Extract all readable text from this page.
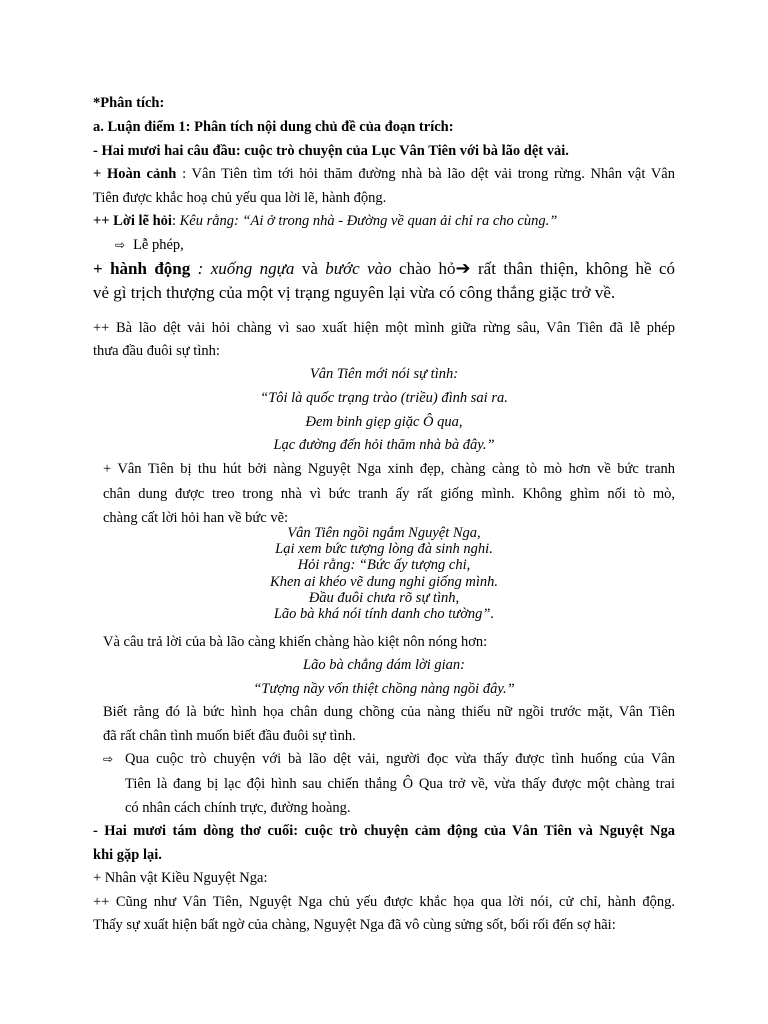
*Phân tích:
a. Luận điểm 1: Phân tích nội dung chủ đề của đoạn trích:
- Hai mươi hai câu đầu: cuộc trò chuyện của Lục Vân Tiên với bà lão dệt vải.
+ Hoàn cảnh : Vân Tiên tìm tới hỏi thăm đường nhà bà lão dệt vải trong rừng. Nhân vật Vân
Tiên được khắc hoạ chủ yếu qua lời lẽ, hành động.
++ Lời lẽ hỏi: Kêu rằng: “Ai ở trong nhà - Đường về quan ải chỉ ra cho cùng.”
⇨ Lễ phép,
+ hành động : xuống ngựa và bước vào chào hỏ➔ rất thân thiện, không hề có
vẻ gì trịch thượng của một vị trạng nguyên lại vừa có công thắng giặc trở về.
++ Bà lão dệt vải hỏi chàng vì sao xuất hiện một mình giữa rừng sâu, Vân Tiên đã lễ phép
thưa đầu đuôi sự tình:
Vân Tiên mới nói sự tình:
“Tôi là quốc trạng trào (triều) đình sai ra.
Đem binh giẹp giặc Ô qua,
Lạc đường đến hỏi thăm nhà bà đây.”
+ Vân Tiên bị thu hút bởi nàng Nguyệt Nga xinh đẹp, chàng càng tò mò hơn về bức tranh
chân dung được treo trong nhà vì bức tranh ấy rất giống mình. Không ghìm nối tò mò,
chàng cất lời hỏi han về bức vẽ:
Vân Tiên ngồi ngắm Nguyệt Nga,
Lại xem bức tượng lòng đà sinh nghi.
Hỏi rằng: “Bức ấy tượng chi,
Khen ai khéo vẽ dung nghi giống mình.
Đầu đuôi chưa rõ sự tình,
Lão bà khá nói tính danh cho tường”.
Và câu trả lời của bà lão càng khiến chàng hào kiệt nôn nóng hơn:
Lão bà chẳng dám lời gian:
“Tượng nầy vốn thiệt chồng nàng ngồi đây.”
Biết rằng đó là bức hình họa chân dung chồng của nàng thiếu nữ ngồi trước mặt, Vân Tiên
đã rất chân tình muốn biết đầu đuôi sự tình.
⇨ Qua cuộc trò chuyện với bà lão dệt vải, người đọc vừa thấy được tình huống của Vân
Tiên là đang bị lạc đội hình sau chiến thắng Ô Qua trở về, vừa thấy được một chàng trai
có nhân cách chính trực, đường hoàng.
- Hai mươi tám dòng thơ cuối: cuộc trò chuyện cảm động của Vân Tiên và Nguyệt Nga
khi gặp lại.
+ Nhân vật Kiều Nguyệt Nga:
++ Cũng như Vân Tiên, Nguyệt Nga chủ yếu được khắc họa qua lời nói, cử chỉ, hành động.
Thấy sự xuất hiện bất ngờ của chàng, Nguyệt Nga đã vô cùng sửng sốt, bối rối đến sợ hãi:
